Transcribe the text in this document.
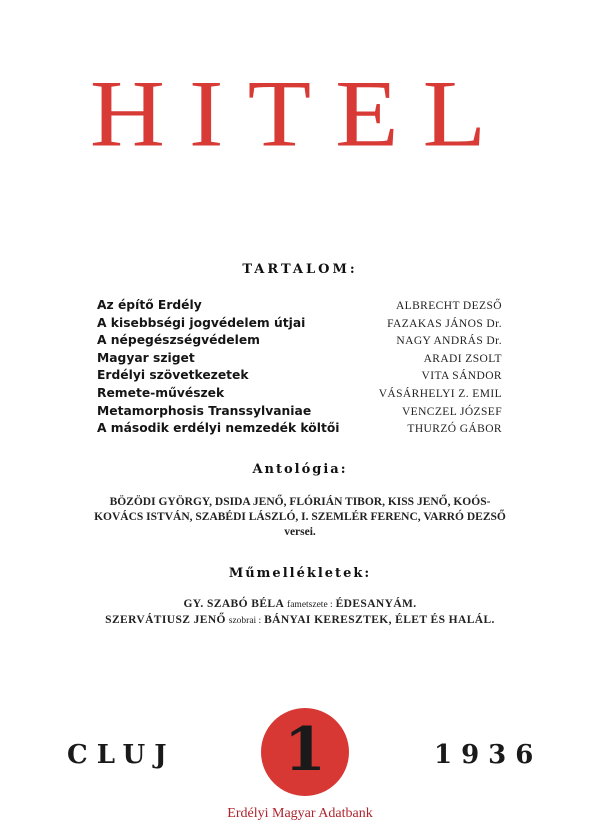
HITEL
TARTALOM:
Az építő Erdély	ALBRECHT DEZSŐ
A kisebbségi jogvédelem útjai	FAZAKAS JÁNOS Dr.
A népegészségvédelem	NAGY ANDRÁS Dr.
Magyar sziget	ARADI ZSOLT
Erdélyi szövetkezetek	VITA SÁNDOR
Remete-művészek	VÁSÁRHELYI Z. EMIL
Metamorphosis Transsylvaniae	VENCZEL JÓZSEF
A második erdélyi nemzedék költői	THURZÓ GÁBOR
Antológia:

BÖZÖDI GYÖRGY, DSIDA JENŐ, FLÓRIÁN TIBOR, KISS JENŐ, KOÓS-KOVÁCS ISTVÁN, SZABÉDI LÁSZLÓ, I. SZEMLÉR FERENC, VARRÓ DEZSŐ versei.

Műmellékletek:
GY. SZABÓ BÉLA fametszete : ÉDESANYÁM.
SZERVÁTIUSZ JENŐ szobrai : BÁNYAI KERESZTEK, ÉLET ÉS HALÁL.
CLUJ 1	1936
Erdélyi Magyar Adatbank
